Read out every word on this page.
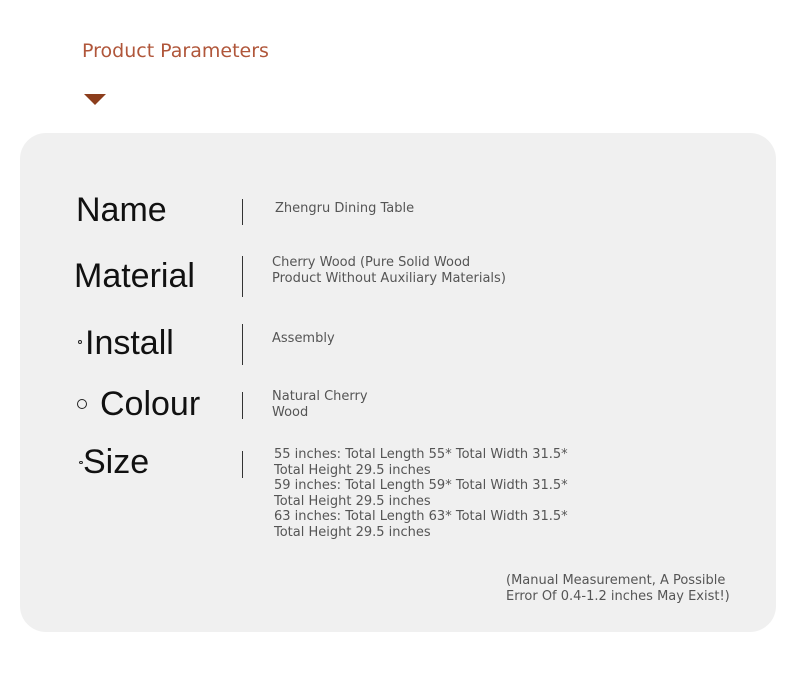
Product Parameters
Name	Zhengru Dining Table
Material	Cherry Wood (Pure Solid Wood
Product Without Auxiliary Materials)
Install	Assembly
Colour	Natural Cherry
Wood
Size	55 inches: Total Length 55* Total Width 31.5*
Total Height 29.5 inches
59 inches: Total Length 59* Total Width 31.5*
Total Height 29.5 inches
63 inches: Total Length 63* Total Width 31.5*
Total Height 29.5 inches
(Manual Measurement, A Possible
Error Of 0.4-1.2 inches May Exist!)
